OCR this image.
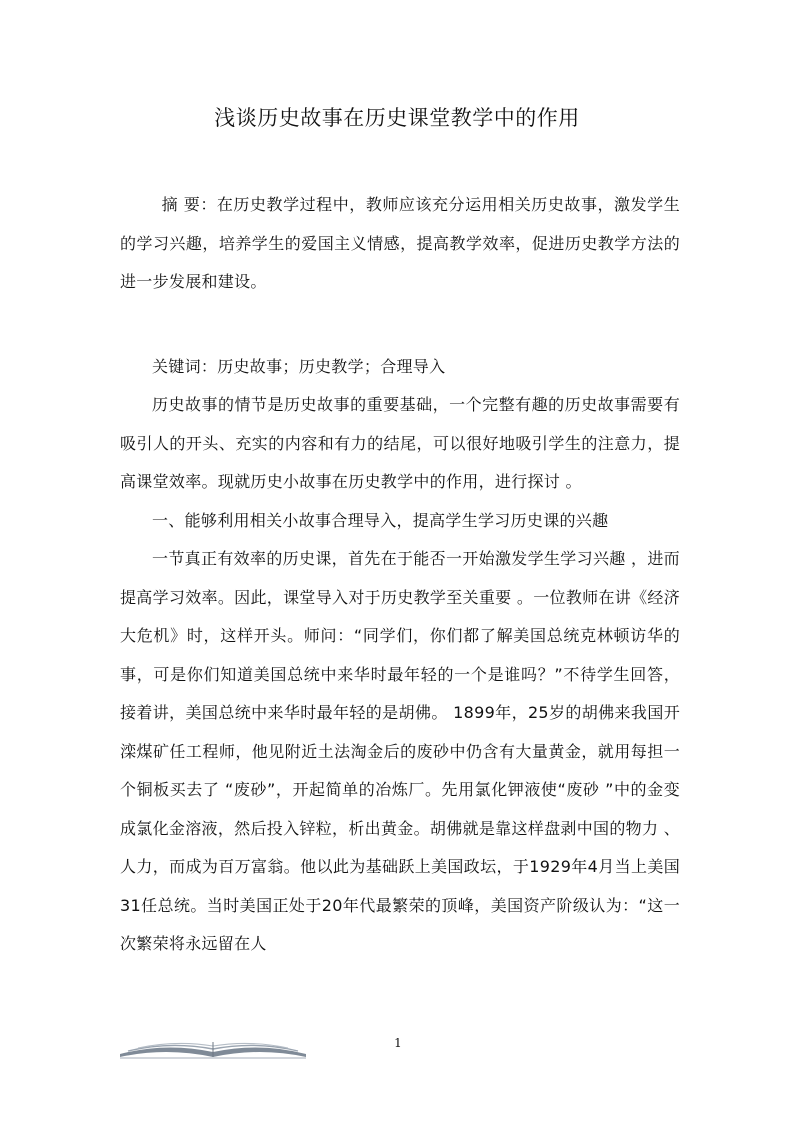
浅谈历史故事在历史课堂教学中的作用

摘 要：在历史教学过程中，教师应该充分运用相关历史故事，激发学生的学习兴趣，培养学生的爱国主义情感，提高教学效率，促进历史教学方法的进一步发展和建设。

关键词：历史故事；历史教学；合理导入

历史故事的情节是历史故事的重要基础，一个完整有趣的历史故事需要有吸引人的开头、充实的内容和有力的结尾，可以很好地吸引学生的注意力，提高课堂效率。现就历史小故事在历史教学中的作用，进行探讨 。

一、能够利用相关小故事合理导入，提高学生学习历史课的兴趣

一节真正有效率的历史课，首先在于能否一开始激发学生学习兴趣 ，进而提高学习效率。因此，课堂导入对于历史教学至关重要 。一位教师在讲《经济大危机》时，这样开头。师问：“同学们，你们都了解美国总统克林顿访华的事，可是你们知道美国总统中来华时最年轻的一个是谁吗？”不待学生回答，接着讲，美国总统中来华时最年轻的是胡佛。 1899年，25岁的胡佛来我国开滦煤矿任工程师，他见附近土法淘金后的废砂中仍含有大量黄金，就用每担一个铜板买去了 “废砂”，开起简单的冶炼厂。先用氯化钾液使“废砂 ”中的金变成氯化金溶液，然后投入锌粒，析出黄金。胡佛就是靠这样盘剥中国的物力 、人力，而成为百万富翁。他以此为基础跃上美国政坛，于1929年4月当上美国31任总统。当时美国正处于20年代最繁荣的顶峰，美国资产阶级认为：“这一次繁荣将永远留在人

1
